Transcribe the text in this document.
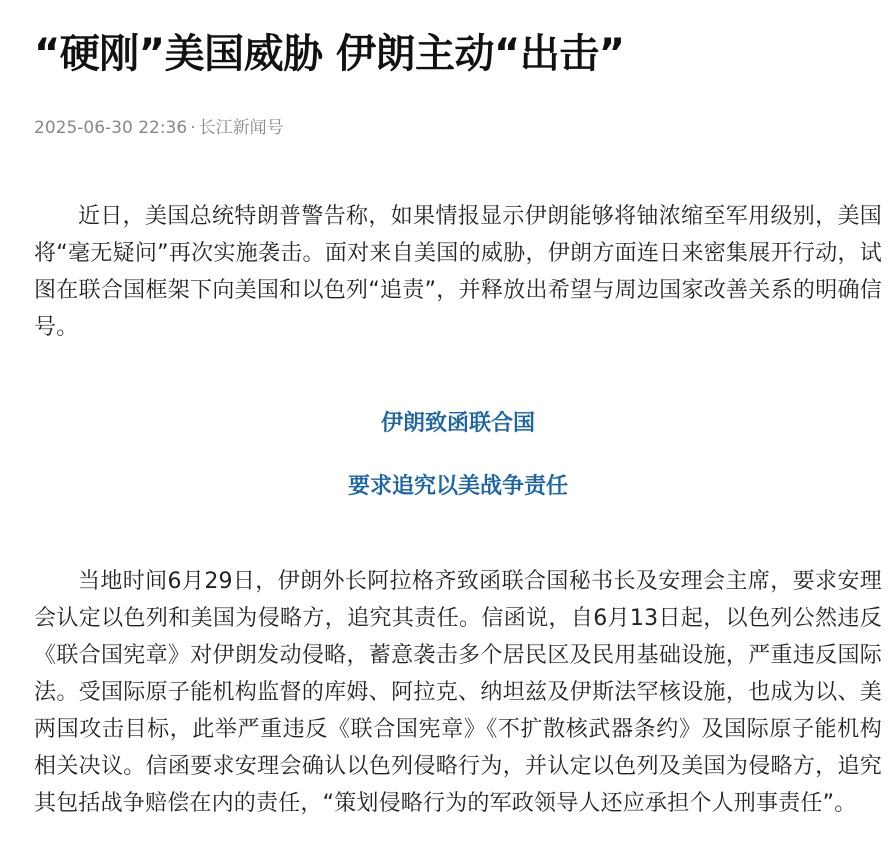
“硬刚”美国威胁 伊朗主动“出击”
2025-06-30 22:36 · 长江新闻号

近日，美国总统特朗普警告称，如果情报显示伊朗能够将铀浓缩至军用级别，美国将“毫无疑问”再次实施袭击。面对来自美国的威胁，伊朗方面连日来密集展开行动，试图在联合国框架下向美国和以色列“追责”，并释放出希望与周边国家改善关系的明确信号。

伊朗致函联合国

要求追究以美战争责任

当地时间6月29日，伊朗外长阿拉格齐致函联合国秘书长及安理会主席，要求安理会认定以色列和美国为侵略方，追究其责任。信函说，自6月13日起，以色列公然违反《联合国宪章》对伊朗发动侵略，蓄意袭击多个居民区及民用基础设施，严重违反国际法。受国际原子能机构监督的库姆、阿拉克、纳坦兹及伊斯法罕核设施，也成为以、美两国攻击目标，此举严重违反《联合国宪章》《不扩散核武器条约》及国际原子能机构相关决议。信函要求安理会确认以色列侵略行为，并认定以色列及美国为侵略方，追究其包括战争赔偿在内的责任，“策划侵略行为的军政领导人还应承担个人刑事责任”。
